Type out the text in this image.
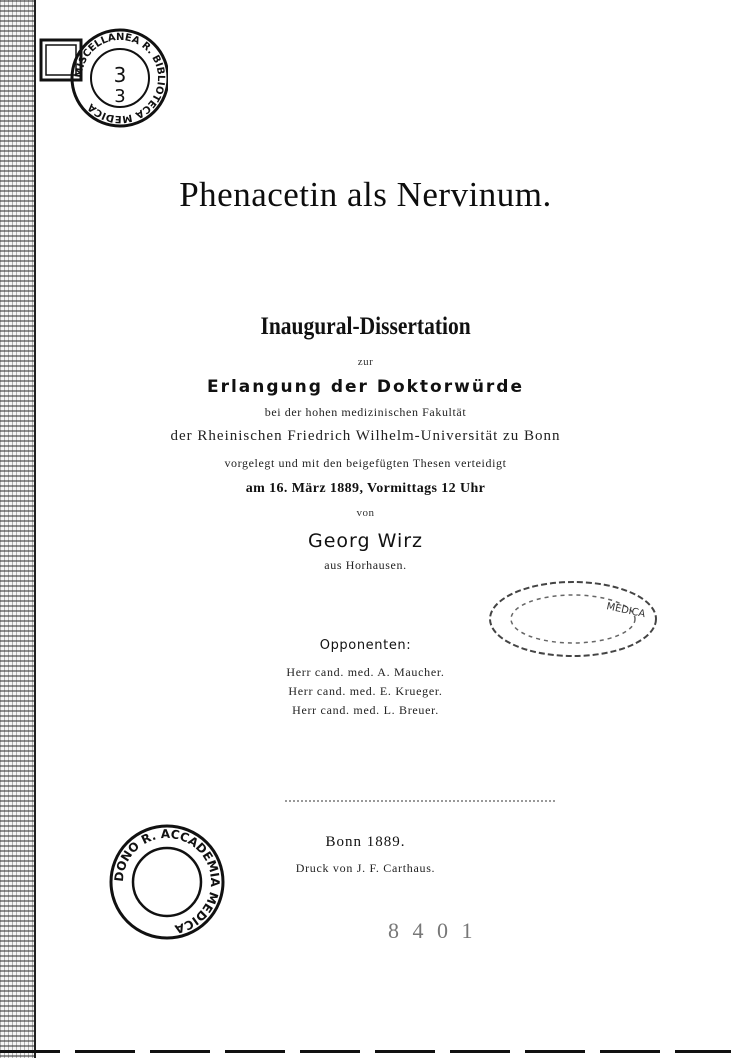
MISCELLANEA R. BIBLIOTECA MEDICA
3
3
Phenacetin als Nervinum.
Inaugural-Dissertation
zur
Erlangung der Doktorwürde
bei der hohen medizinischen Fakultät
der Rheinischen Friedrich Wilhelm-Universität zu Bonn
vorgelegt und mit den beigefügten Thesen verteidigt
am 16. März 1889, Vormittags 12 Uhr
von
Georg Wirz
aus Horhausen.
MEDICA
Opponenten:
Herr cand. med. A. Maucher.
Herr cand. med. E. Krueger.
Herr cand. med. L. Breuer.
Bonn 1889.
Druck von J. F. Carthaus.
DONO R. ACCADEMIA MEDICA	8 4 0 1
